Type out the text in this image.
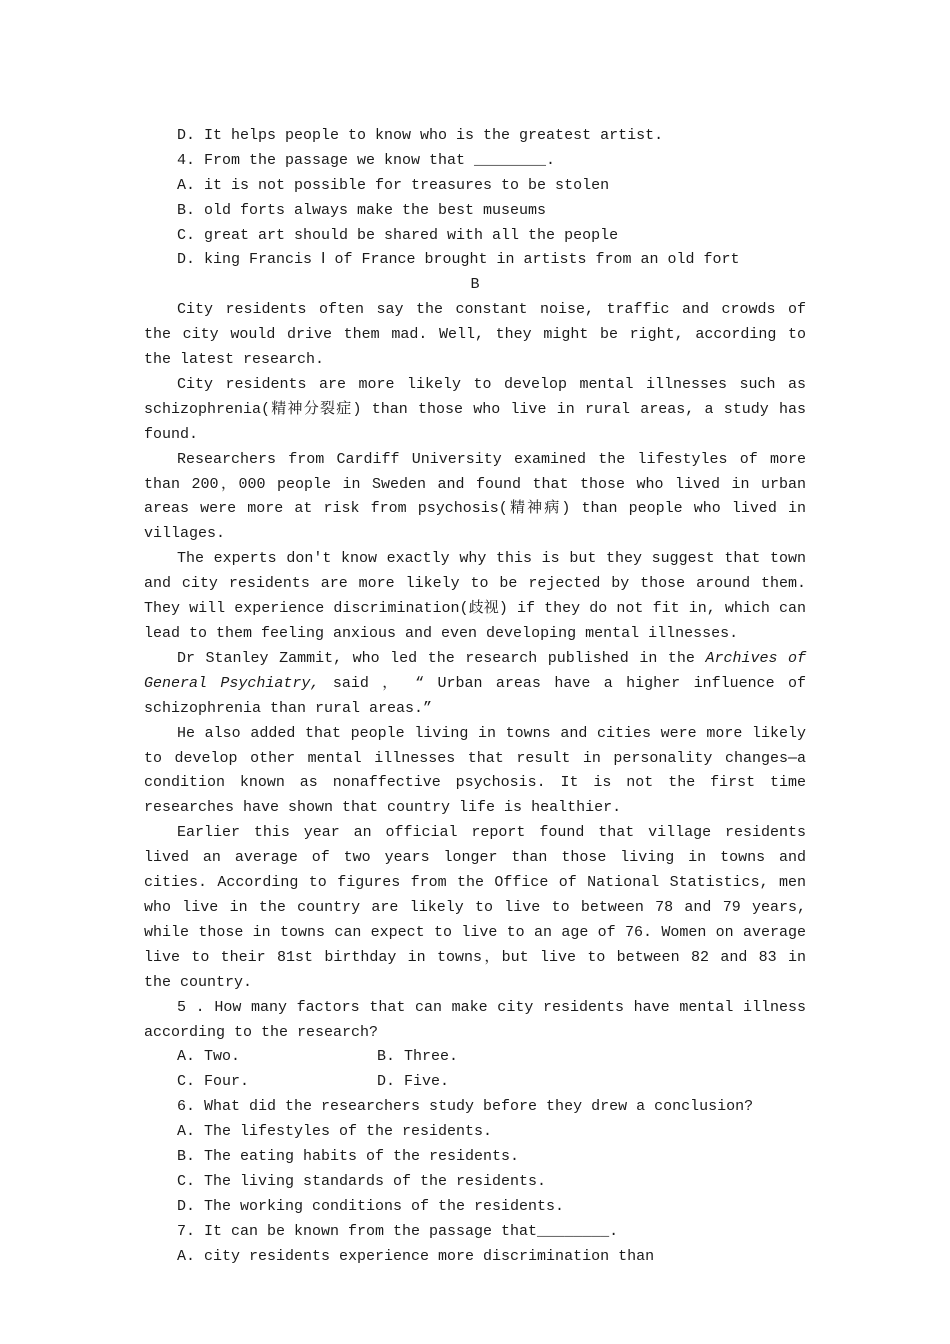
D. It helps people to know who is the greatest artist.
4. From the passage we know that ________.
A. it is not possible for treasures to be stolen
B. old forts always make the best museums
C. great art should be shared with all the people
D. king Francis Ⅰ of France brought in artists from an old fort
B

City residents often say the constant noise, traffic and crowds of the city would drive them mad. Well, they might be right, according to the latest research.

City residents are more likely to develop mental illnesses such as schizophrenia(精神分裂症) than those who live in rural areas, a study has found.

Researchers from Cardiff University examined the lifestyles of more than 200，000 people in Sweden and found that those who lived in urban areas were more at risk from psychosis(精神病) than people who lived in villages.

The experts don't know exactly why this is but they suggest that town and city residents are more likely to be rejected by those around them. They will experience discrimination(歧视) if they do not fit in, which can lead to them feeling anxious and even developing mental illnesses.

Dr Stanley Zammit, who led the research published in the Archives of General Psychiatry, said ， “ Urban areas have a higher influence of schizophrenia than rural areas.”

He also added that people living in towns and cities were more likely to develop other mental illnesses that result in personality changes—a condition known as nonaffective psychosis. It is not the first time researches have shown that country life is healthier.

Earlier this year an official report found that village residents lived an average of two years longer than those living in towns and cities. According to figures from the Office of National Statistics, men who live in the country are likely to live to between 78 and 79 years, while those in towns can expect to live to an age of 76. Women on average live to their 81st birthday in towns，but live to between 82 and 83 in the country.

5 . How many factors that can make city residents have mental illness according to the research?

A. Two.	B. Three.
C. Four.	D. Five.
6. What did the researchers study before they drew a conclusion?
A. The lifestyles of the residents.
B. The eating habits of the residents.
C. The living standards of the residents.
D. The working conditions of the residents.
7. It can be known from the passage that________.
A. city residents experience more discrimination than
